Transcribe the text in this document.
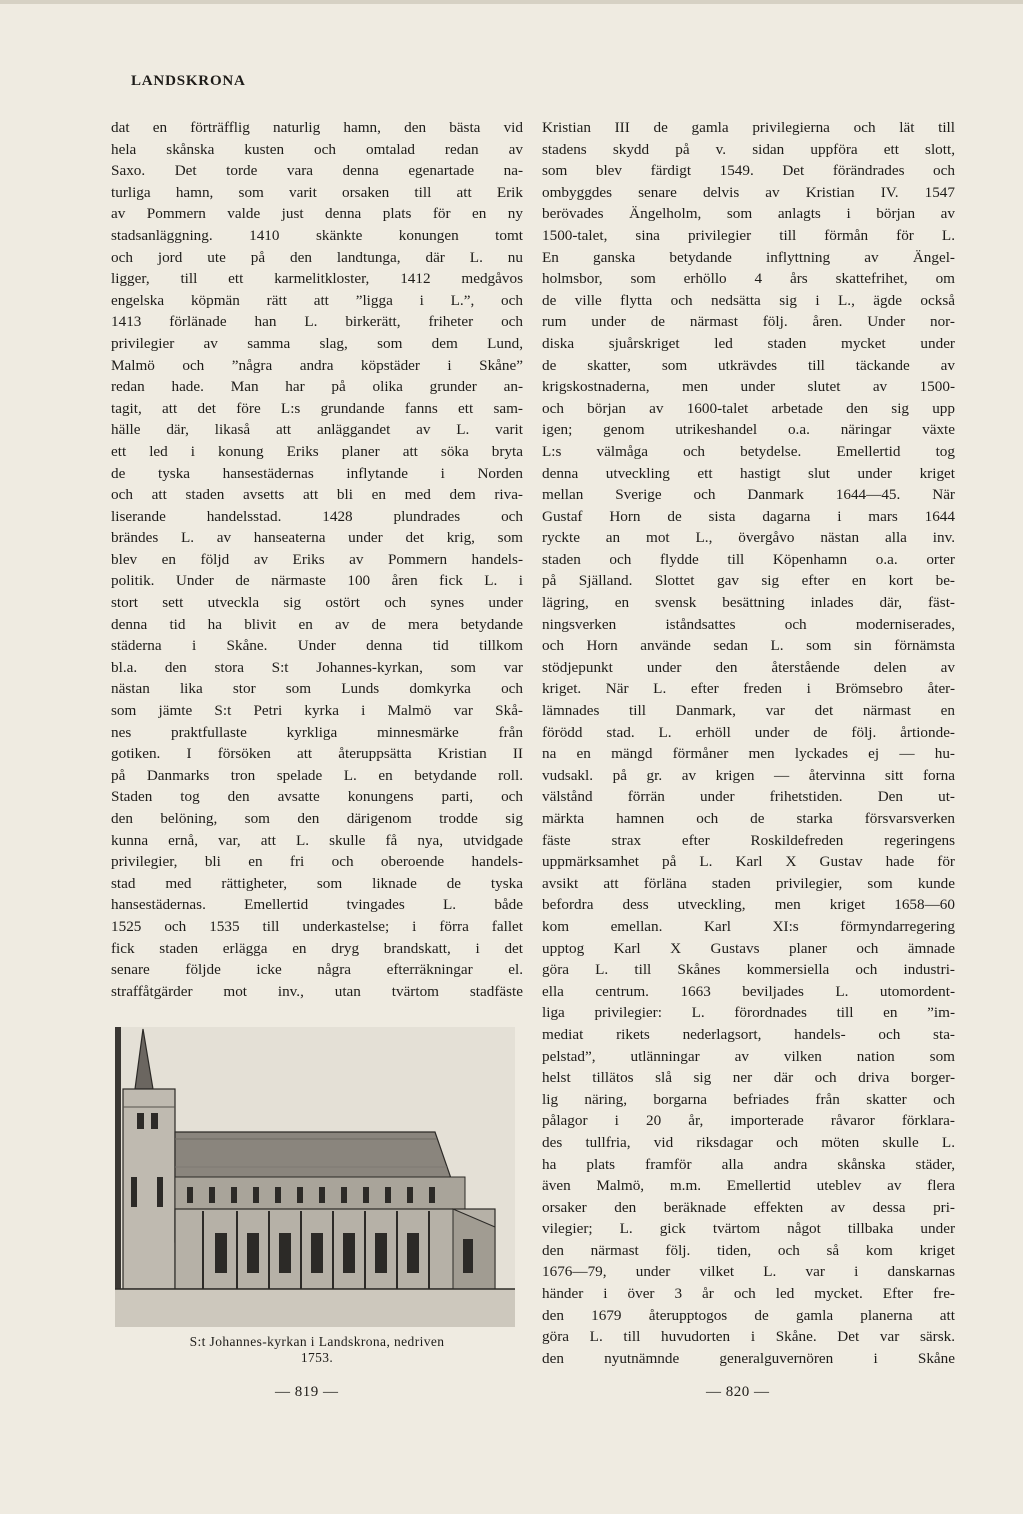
LANDSKRONA
dat en förträfflig naturlig hamn, den bästa vid
hela skånska kusten och omtalad redan av
Saxo. Det torde vara denna egenartade na-
turliga hamn, som varit orsaken till att Erik
av Pommern valde just denna plats för en ny
stadsanläggning. 1410 skänkte konungen tomt
och jord ute på den landtunga, där L. nu
ligger, till ett karmelitkloster, 1412 medgåvos
engelska köpmän rätt att ”ligga i L.”, och
1413 förlänade han L. birkerätt, friheter och
privilegier av samma slag, som dem Lund,
Malmö och ”några andra köpstäder i Skåne”
redan hade. Man har på olika grunder an-
tagit, att det före L:s grundande fanns ett sam-
hälle där, likaså att anläggandet av L. varit
ett led i konung Eriks planer att söka bryta
de tyska hansestädernas inflytande i Norden
och att staden avsetts att bli en med dem riva-
liserande handelsstad. 1428 plundrades och
brändes L. av hanseaterna under det krig, som
blev en följd av Eriks av Pommern handels-
politik. Under de närmaste 100 åren fick L. i
stort sett utveckla sig ostört och synes under
denna tid ha blivit en av de mera betydande
städerna i Skåne. Under denna tid tillkom
bl.a. den stora S:t Johannes-kyrkan, som var
nästan lika stor som Lunds domkyrka och
som jämte S:t Petri kyrka i Malmö var Skå-
nes praktfullaste kyrkliga minnesmärke från
gotiken. I försöken att återuppsätta Kristian II
på Danmarks tron spelade L. en betydande roll.
Staden tog den avsatte konungens parti, och
den belöning, som den därigenom trodde sig
kunna ernå, var, att L. skulle få nya, utvidgade
privilegier, bli en fri och oberoende handels-
stad med rättigheter, som liknade de tyska
hansestädernas. Emellertid tvingades L. både
1525 och 1535 till underkastelse; i förra fallet
fick staden erlägga en dryg brandskatt, i det
senare följde icke några efterräkningar el.
straffåtgärder mot inv., utan tvärtom stadfäste
Kristian III de gamla privilegierna och lät till
stadens skydd på v. sidan uppföra ett slott,
som blev färdigt 1549. Det förändrades och
ombyggdes senare delvis av Kristian IV. 1547
berövades Ängelholm, som anlagts i början av
1500-talet, sina privilegier till förmån för L.
En ganska betydande inflyttning av Ängel-
holmsbor, som erhöllo 4 års skattefrihet, om
de ville flytta och nedsätta sig i L., ägde också
rum under de närmast följ. åren. Under nor-
diska sjuårskriget led staden mycket under
de skatter, som utkrävdes till täckande av
krigskostnaderna, men under slutet av 1500-
och början av 1600-talet arbetade den sig upp
igen; genom utrikeshandel o.a. näringar växte
L:s välmåga och betydelse. Emellertid tog
denna utveckling ett hastigt slut under kriget
mellan Sverige och Danmark 1644—45. När
Gustaf Horn de sista dagarna i mars 1644
ryckte an mot L., övergåvo nästan alla inv.
staden och flydde till Köpenhamn o.a. orter
på Själland. Slottet gav sig efter en kort be-
lägring, en svensk besättning inlades där, fäst-
ningsverken iståndsattes och moderniserades,
och Horn använde sedan L. som sin förnämsta
stödjepunkt under den återstående delen av
kriget. När L. efter freden i Brömsebro åter-
lämnades till Danmark, var det närmast en
förödd stad. L. erhöll under de följ. årtionde-
na en mängd förmåner men lyckades ej — hu-
vudsakl. på gr. av krigen — återvinna sitt forna
välstånd förrän under frihetstiden. Den ut-
märkta hamnen och de starka försvarsverken
fäste strax efter Roskildefreden regeringens
uppmärksamhet på L. Karl X Gustav hade för
avsikt att förläna staden privilegier, som kunde
befordra dess utveckling, men kriget 1658—60
kom emellan. Karl XI:s förmyndarregering
upptog Karl X Gustavs planer och ämnade
göra L. till Skånes kommersiella och industri-
ella centrum. 1663 beviljades L. utomordent-
liga privilegier: L. förordnades till en ”im-
mediat rikets nederlagsort, handels- och sta-
pelstad”, utlänningar av vilken nation som
helst tillätos slå sig ner där och driva borger-
lig näring, borgarna befriades från skatter och
pålagor i 20 år, importerade råvaror förklara-
des tullfria, vid riksdagar och möten skulle L.
ha plats framför alla andra skånska städer,
även Malmö, m.m. Emellertid uteblev av flera
orsaker den beräknade effekten av dessa pri-
vilegier; L. gick tvärtom något tillbaka under
den närmast följ. tiden, och så kom kriget
1676—79, under vilket L. var i danskarnas
händer i över 3 år och led mycket. Efter fre-
den 1679 återupptogos de gamla planerna att
göra L. till huvudorten i Skåne. Det var särsk.
den nyutnämnde generalguvernören i Skåne
S:t Johannes-kyrkan i Landskrona, nedriven
1753.
— 819 —	— 820 —
